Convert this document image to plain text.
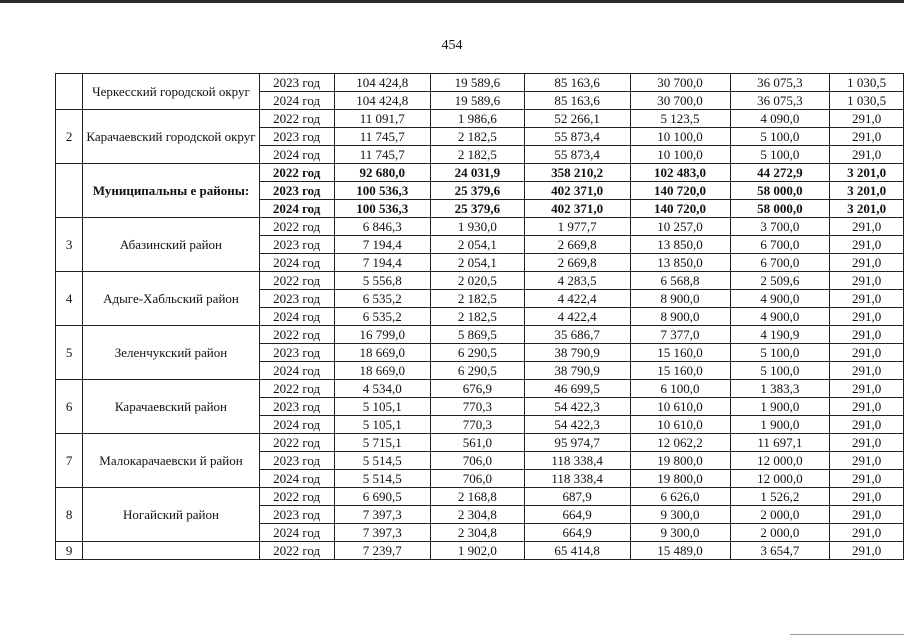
454
	Черкесский городской округ	2023 год	104 424,8	19 589,6	85 163,6	30 700,0	36 075,3	1 030,5
		2024 год	104 424,8	19 589,6	85 163,6	30 700,0	36 075,3	1 030,5
2	Карачаевский городской округ	2022 год	11 091,7	1 986,6	52 266,1	5 123,5	4 090,0	291,0
		2023 год	11 745,7	2 182,5	55 873,4	10 100,0	5 100,0	291,0
		2024 год	11 745,7	2 182,5	55 873,4	10 100,0	5 100,0	291,0
	Муниципальны е районы:	2022 год	92 680,0	24 031,9	358 210,2	102 483,0	44 272,9	3 201,0
		2023 год	100 536,3	25 379,6	402 371,0	140 720,0	58 000,0	3 201,0
		2024 год	100 536,3	25 379,6	402 371,0	140 720,0	58 000,0	3 201,0
3	Абазинский район	2022 год	6 846,3	1 930,0	1 977,7	10 257,0	3 700,0	291,0
		2023 год	7 194,4	2 054,1	2 669,8	13 850,0	6 700,0	291,0
		2024 год	7 194,4	2 054,1	2 669,8	13 850,0	6 700,0	291,0
4	Адыге-Хабльский район	2022 год	5 556,8	2 020,5	4 283,5	6 568,8	2 509,6	291,0
		2023 год	6 535,2	2 182,5	4 422,4	8 900,0	4 900,0	291,0
		2024 год	6 535,2	2 182,5	4 422,4	8 900,0	4 900,0	291,0
5	Зеленчукский район	2022 год	16 799,0	5 869,5	35 686,7	7 377,0	4 190,9	291,0
		2023 год	18 669,0	6 290,5	38 790,9	15 160,0	5 100,0	291,0
		2024 год	18 669,0	6 290,5	38 790,9	15 160,0	5 100,0	291,0
6	Карачаевский район	2022 год	4 534,0	676,9	46 699,5	6 100,0	1 383,3	291,0
		2023 год	5 105,1	770,3	54 422,3	10 610,0	1 900,0	291,0
		2024 год	5 105,1	770,3	54 422,3	10 610,0	1 900,0	291,0
7	Малокарачаевски й район	2022 год	5 715,1	561,0	95 974,7	12 062,2	11 697,1	291,0
		2023 год	5 514,5	706,0	118 338,4	19 800,0	12 000,0	291,0
		2024 год	5 514,5	706,0	118 338,4	19 800,0	12 000,0	291,0
8	Ногайский район	2022 год	6 690,5	2 168,8	687,9	6 626,0	1 526,2	291,0
		2023 год	7 397,3	2 304,8	664,9	9 300,0	2 000,0	291,0
		2024 год	7 397,3	2 304,8	664,9	9 300,0	2 000,0	291,0
9		2022 год	7 239,7	1 902,0	65 414,8	15 489,0	3 654,7	291,0
